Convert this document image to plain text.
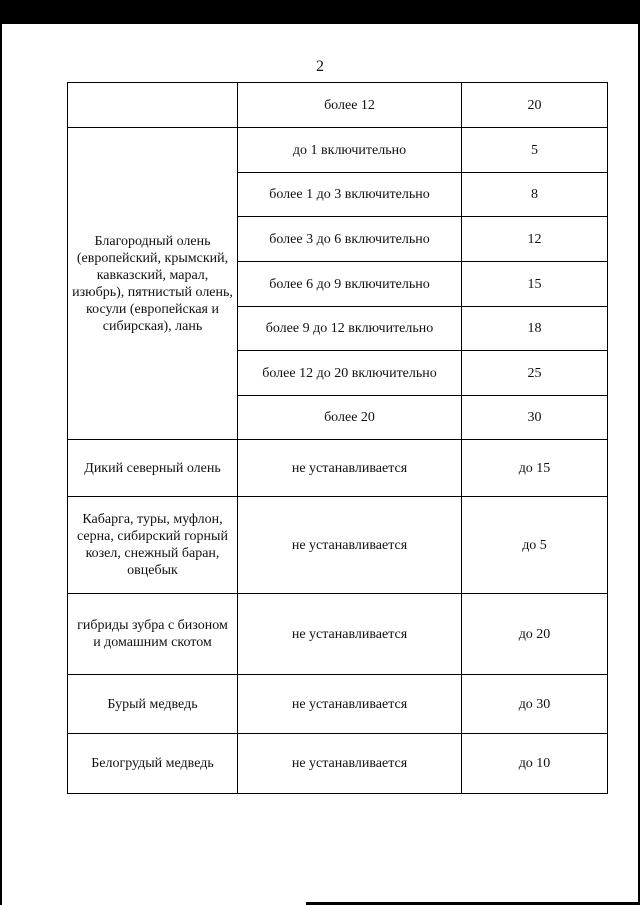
2
	более 12	20
Благородный олень (европейский, крымский, кавказский, марал, изюбрь), пятнистый олень, косули (европейская и сибирская), лань	до 1 включительно	5
	более 1 до 3 включительно	8
	более 3 до 6 включительно	12
	более 6 до 9 включительно	15
	более 9 до 12 включительно	18
	более 12 до 20 включительно	25
	более 20	30
Дикий северный олень	не устанавливается	до 15
Кабарга, туры, муфлон, серна, сибирский горный козел, снежный баран, овцебык	не устанавливается	до 5
гибриды зубра с бизоном и домашним скотом	не устанавливается	до 20
Бурый медведь	не устанавливается	до 30
Белогрудый медведь	не устанавливается	до 10
